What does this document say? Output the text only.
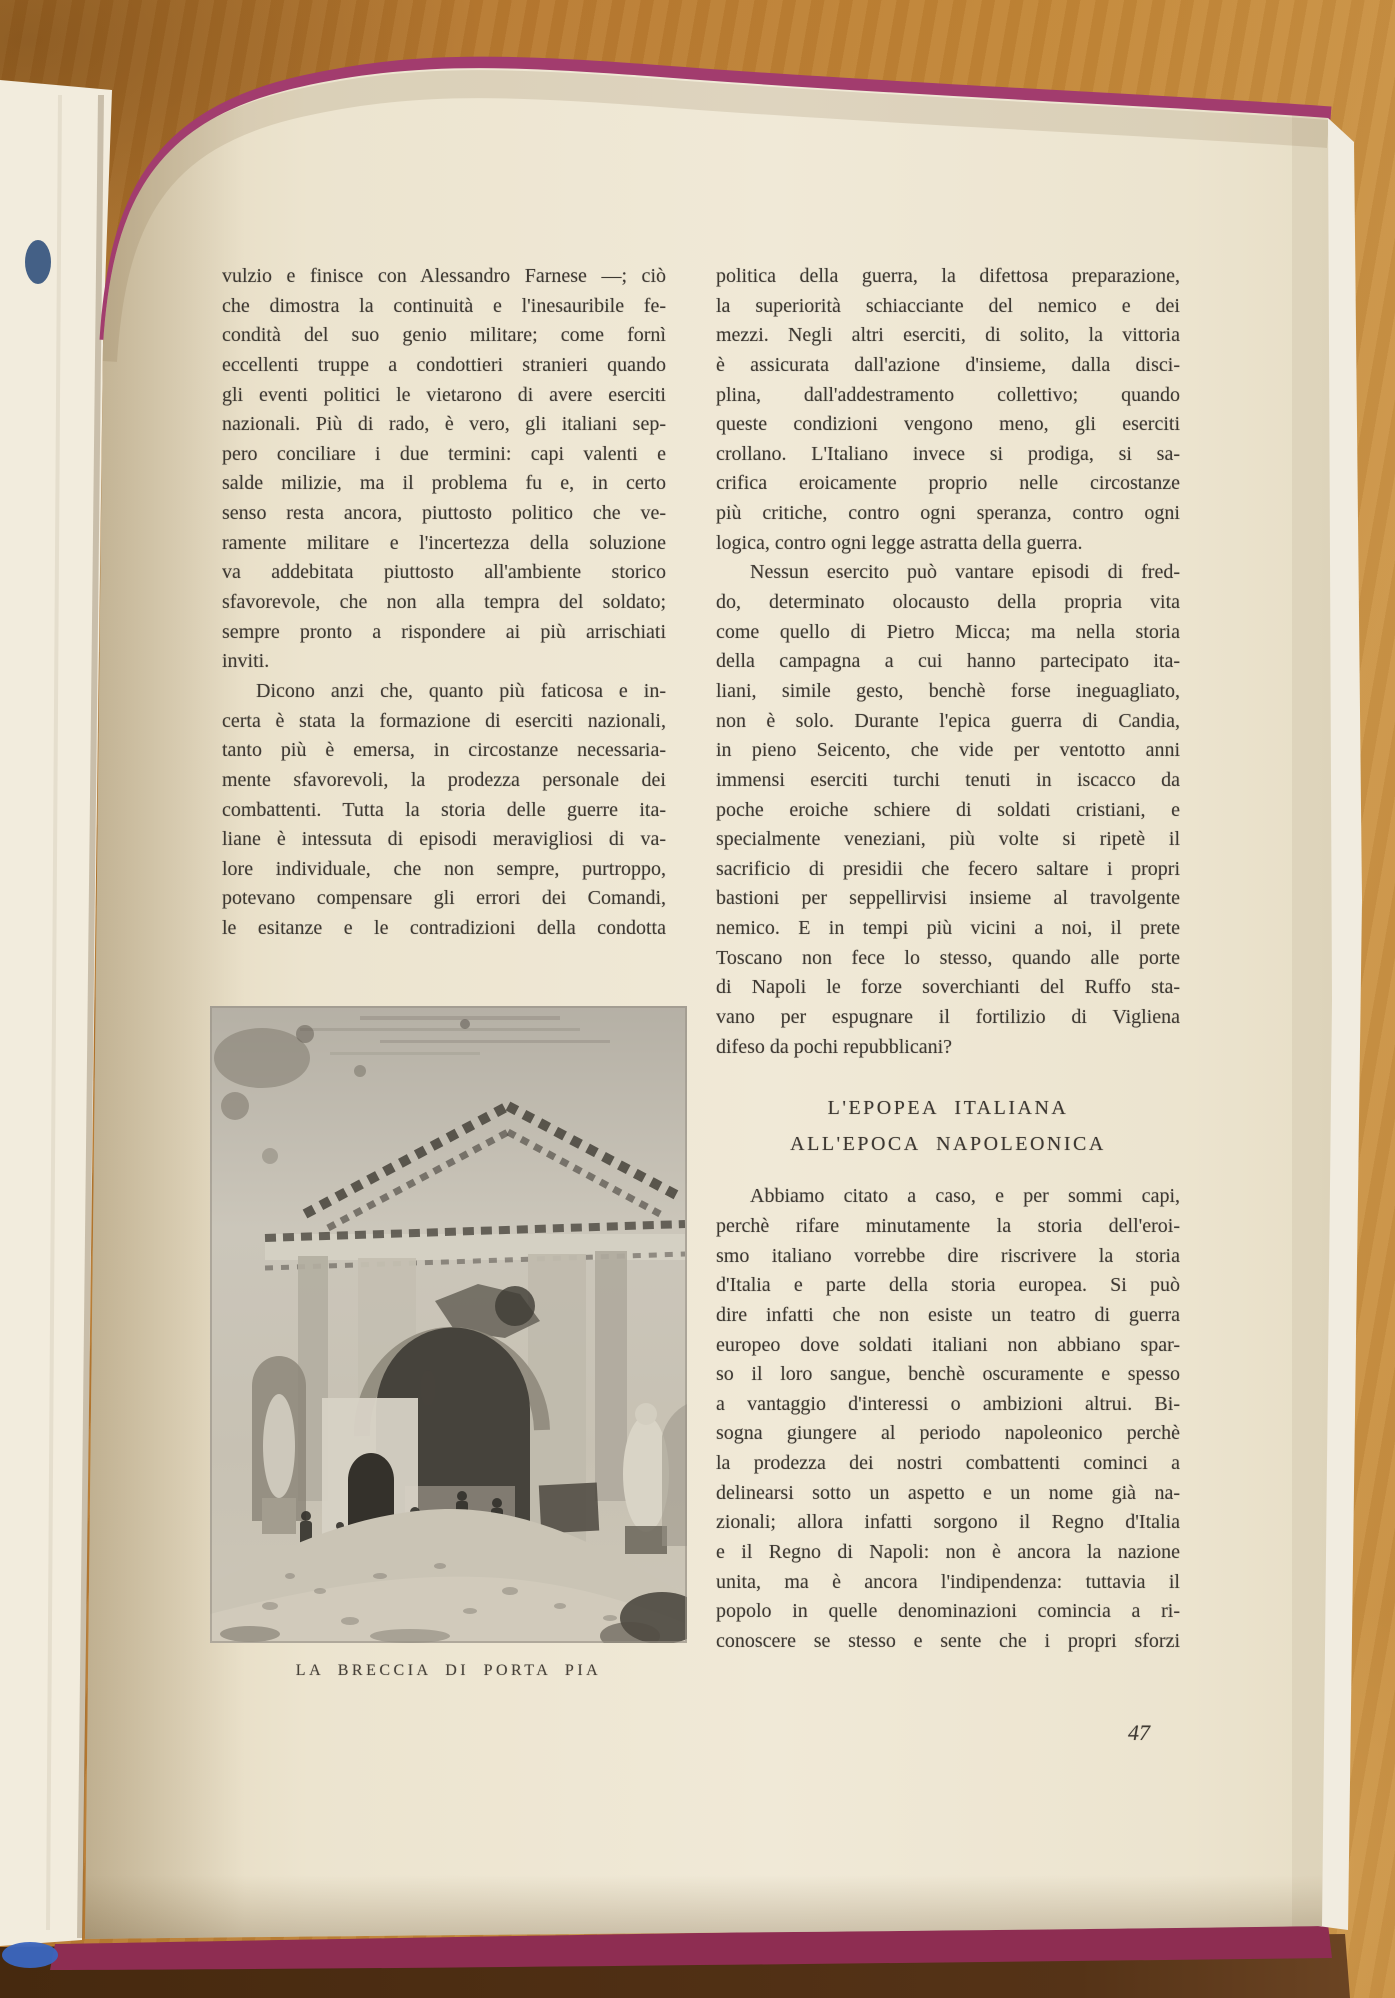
vulzio e finisce con Alessandro Farnese —; ciò
che dimostra la continuità e l'inesauribile fe-
condità del suo genio militare; come fornì
eccellenti truppe a condottieri stranieri quando
gli eventi politici le vietarono di avere eserciti
nazionali. Più di rado, è vero, gli italiani sep-
pero conciliare i due termini: capi valenti e
salde milizie, ma il problema fu e, in certo
senso resta ancora, piuttosto politico che ve-
ramente militare e l'incertezza della soluzione
va addebitata piuttosto all'ambiente storico
sfavorevole, che non alla tempra del soldato;
sempre pronto a rispondere ai più arrischiati
inviti.
Dicono anzi che, quanto più faticosa e in-
certa è stata la formazione di eserciti nazionali,
tanto più è emersa, in circostanze necessaria-
mente sfavorevoli, la prodezza personale dei
combattenti. Tutta la storia delle guerre ita-
liane è intessuta di episodi meravigliosi di va-
lore individuale, che non sempre, purtroppo,
potevano compensare gli errori dei Comandi,
le esitanze e le contradizioni della condotta
politica della guerra, la difettosa preparazione,
la superiorità schiacciante del nemico e dei
mezzi. Negli altri eserciti, di solito, la vittoria
è assicurata dall'azione d'insieme, dalla disci-
plina, dall'addestramento collettivo; quando
queste condizioni vengono meno, gli eserciti
crollano. L'Italiano invece si prodiga, si sa-
crifica eroicamente proprio nelle circostanze
più critiche, contro ogni speranza, contro ogni
logica, contro ogni legge astratta della guerra.
Nessun esercito può vantare episodi di fred-
do, determinato olocausto della propria vita
come quello di Pietro Micca; ma nella storia
della campagna a cui hanno partecipato ita-
liani, simile gesto, benchè forse ineguagliato,
non è solo. Durante l'epica guerra di Candia,
in pieno Seicento, che vide per ventotto anni
immensi eserciti turchi tenuti in iscacco da
poche eroiche schiere di soldati cristiani, e
specialmente veneziani, più volte si ripetè il
sacrificio di presidii che fecero saltare i propri
bastioni per seppellirvisi insieme al travolgente
nemico. E in tempi più vicini a noi, il prete
Toscano non fece lo stesso, quando alle porte
di Napoli le forze soverchianti del Ruffo sta-
vano per espugnare il fortilizio di Vigliena
difeso da pochi repubblicani?
L'EPOPEA ITALIANA
ALL'EPOCA NAPOLEONICA
Abbiamo citato a caso, e per sommi capi,
perchè rifare minutamente la storia dell'eroi-
smo italiano vorrebbe dire riscrivere la storia
d'Italia e parte della storia europea. Si può
dire infatti che non esiste un teatro di guerra
europeo dove soldati italiani non abbiano spar-
so il loro sangue, benchè oscuramente e spesso
a vantaggio d'interessi o ambizioni altrui. Bi-
sogna giungere al periodo napoleonico perchè
la prodezza dei nostri combattenti cominci a
delinearsi sotto un aspetto e un nome già na-
zionali; allora infatti sorgono il Regno d'Italia
e il Regno di Napoli: non è ancora la nazione
unita, ma è ancora l'indipendenza: tuttavia il
popolo in quelle denominazioni comincia a ri-
conoscere se stesso e sente che i propri sforzi
LA BRECCIA DI PORTA PIA
47
